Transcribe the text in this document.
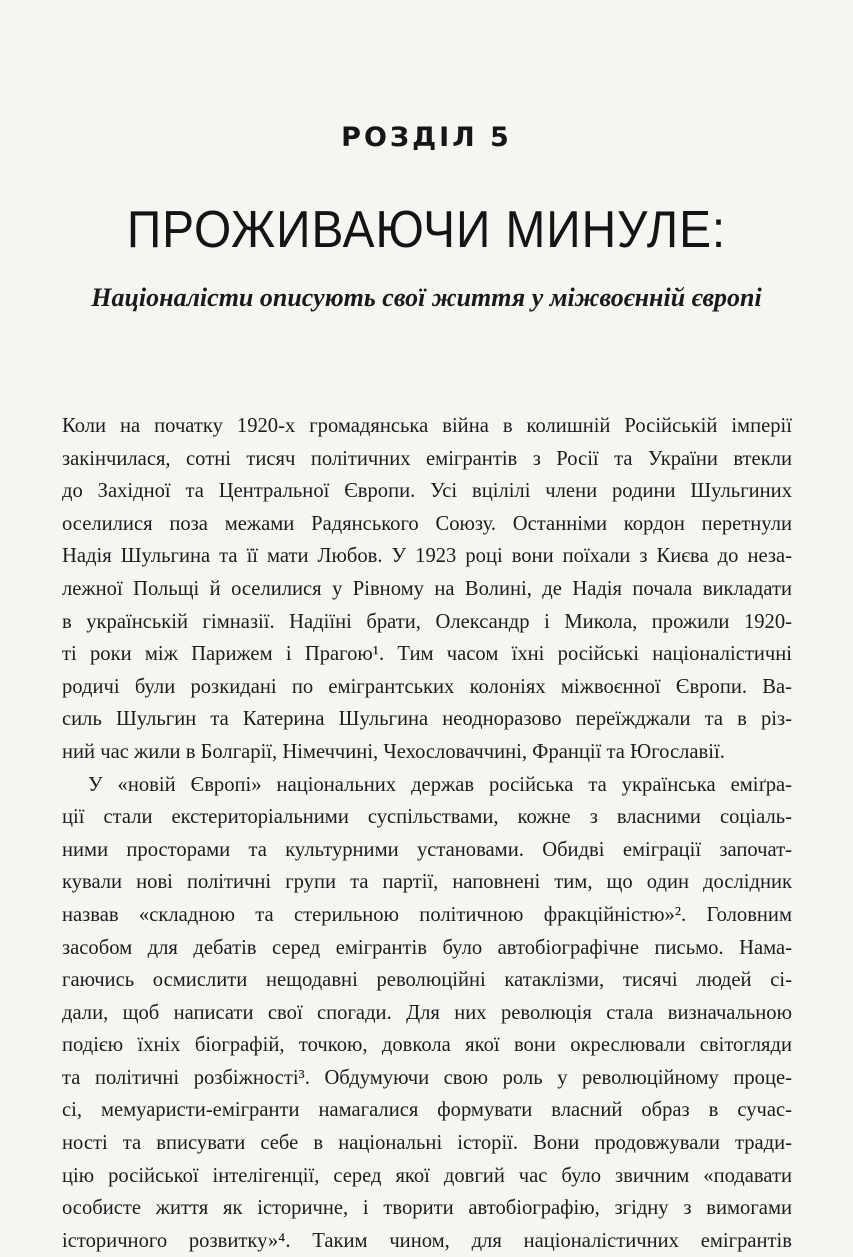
РОЗДІЛ 5
ПРОЖИВАЮЧИ МИНУЛЕ:
Націоналісти описують свої життя у міжвоєнній європі

Коли на початку 1920-х громадянська війна в колишній Російській імперії
закінчилася, сотні тисяч політичних емігрантів з Росії та України втекли
до Західної та Центральної Європи. Усі вцілілі члени родини Шульгиних
оселилися поза межами Радянського Союзу. Останніми кордон перетнули
Надія Шульгина та її мати Любов. У 1923 році вони поїхали з Києва до неза-
лежної Польщі й оселилися у Рівному на Волині, де Надія почала викладати
в українській гімназії. Надіїні брати, Олександр і Микола, прожили 1920-
ті роки між Парижем і Прагою¹. Тим часом їхні російські націоналістичні
родичі були розкидані по емігрантських колоніях міжвоєнної Європи. Ва-
силь Шульгин та Катерина Шульгина неодноразово переїжджали та в різ-
ний час жили в Болгарії, Німеччині, Чехословаччині, Франції та Югославії.

У «новій Європі» національних держав російська та українська еміґра-
ції стали екстериторіальними суспільствами, кожне з власними соціаль-
ними просторами та культурними установами. Обидві еміграції започат-
кували нові політичні групи та партії, наповнені тим, що один дослідник
назвав «складною та стерильною політичною фракційністю»². Головним
засобом для дебатів серед емігрантів було автобіографічне письмо. Нама-
гаючись осмислити нещодавні революційні катаклізми, тисячі людей сі-
дали, щоб написати свої спогади. Для них революція стала визначальною
подією їхніх біографій, точкою, довкола якої вони окреслювали світогляди
та політичні розбіжності³. Обдумуючи свою роль у революційному проце-
сі, мемуаристи-емігранти намагалися формувати власний образ в сучас-
ності та вписувати себе в національні історії. Вони продовжували тради-
цію російської інтелігенції, серед якої довгий час було звичним «подавати
особисте життя як історичне, і творити автобіографію, згідну з вимогами
історичного розвитку»⁴. Таким чином, для націоналістичних емігрантів
